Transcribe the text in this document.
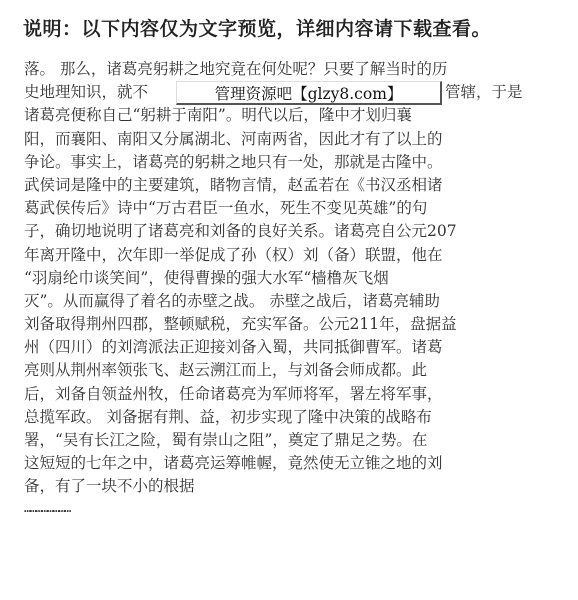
说明：以下内容仅为文字预览，详细内容请下载查看。
落。 那么，诸葛亮躬耕之地究竟在何处呢？只要了解当时的历
史地理知识，就不	管辖，于是
诸葛亮便称自己“躬耕于南阳”。明代以后，隆中才划归襄
阳，而襄阳、南阳又分属湖北、河南两省，因此才有了以上的
争论。事实上，诸葛亮的躬耕之地只有一处，那就是古隆中。
武侯词是隆中的主要建筑，睹物言情，赵孟若在《书汉丞相诸
葛武侯传后》诗中“万古君臣一鱼水，死生不变见英雄”的句
子，确切地说明了诸葛亮和刘备的良好关系。诸葛亮自公元207
年离开隆中，次年即一举促成了孙（权）刘（备）联盟，他在
“羽扇纶巾谈笑间”，使得曹操的强大水军“樯橹灰飞烟
灭”。从而赢得了着名的赤壁之战。 赤壁之战后，诸葛亮辅助
刘备取得荆州四郡，整顿赋税，充实军备。公元211年，盘据益
州（四川）的刘湾派法正迎接刘备入蜀，共同抵御曹军。诸葛
亮则从荆州率领张飞、赵云溯江而上，与刘备会师成都。此
后，刘备自领益州牧，任命诸葛亮为军师将军，署左将军事，
总揽军政。 刘备据有荆、益，初步实现了隆中决策的战略布
署，“吴有长江之险，蜀有崇山之阻”，奠定了鼎足之势。在
这短短的七年之中，诸葛亮运筹帷幄，竟然使无立锥之地的刘
备，有了一块不小的根据
……………………
管理资源吧【glzy8.com】
